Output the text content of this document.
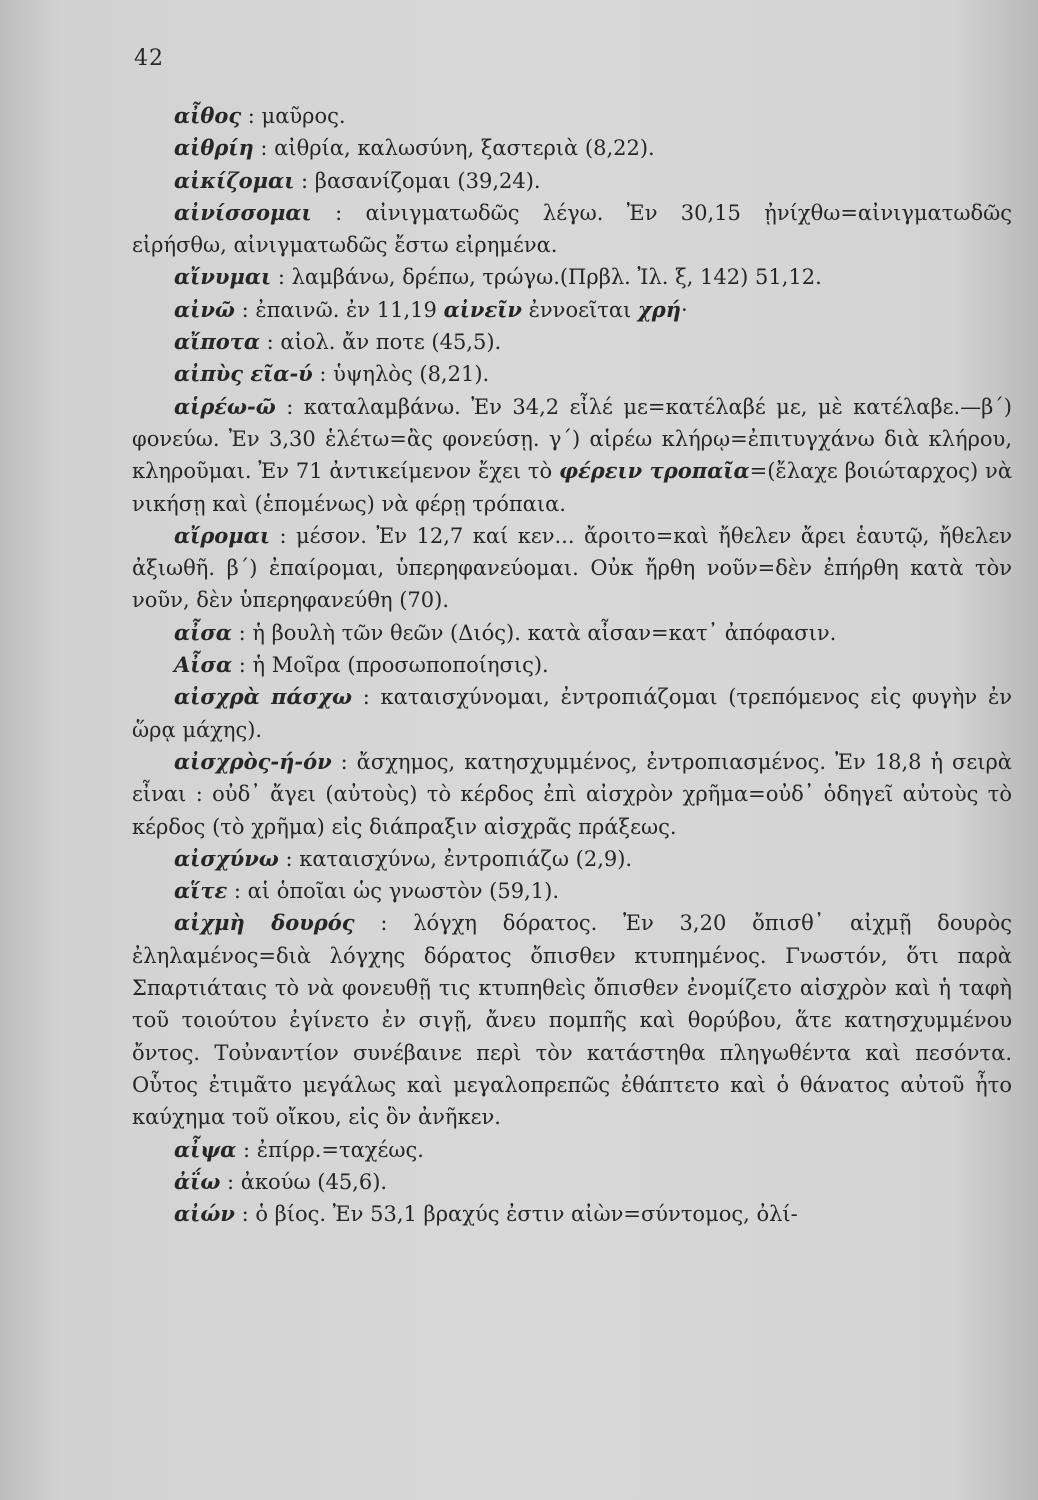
42
αἶθος : μαῦρος.
αἰθρίη : αἰθρία, καλωσύνη, ξαστεριὰ (8,22).
αἰκίζομαι : βασανίζομαι (39,24).
αἰνίσσομαι : αἰνιγματωδῶς λέγω. Ἐν 30,15 ᾐνίχθω=αἰνιγματωδῶς εἰρήσθω, αἰνιγματωδῶς ἔστω εἰρημένα.
αἴνυμαι : λαμβάνω, δρέπω, τρώγω.(Πρβλ. Ἰλ. ξ, 142) 51,12.
αἰνῶ : ἐπαινῶ. ἐν 11,19 αἰνεῖν ἐννοεῖται χρή·
αἴποτα : αἰολ. ἄν ποτε (45,5).
αἰπὺς εῖα-ύ : ὑψηλὸς (8,21).
αἱρέω-ῶ : καταλαμβάνω. Ἐν 34,2 εἶλέ με=κατέλαβέ με, μὲ κατέλαβε.—β΄) φονεύω. Ἐν 3,30 ἑλέτω=ἂς φονεύσῃ. γ΄) αἱρέω κλήρῳ=ἐπιτυγχάνω διὰ κλήρου, κληροῦμαι. Ἐν 71 ἀντικείμενον ἔχει τὸ φέρειν τροπαῖα=(ἔλαχε βοιώταρχος) νὰ νικήσῃ καὶ (ἑπομένως) νὰ φέρῃ τρόπαια.
αἴρομαι : μέσον. Ἐν 12,7 καί κεν... ἄροιτο=καὶ ἤθελεν ἄρει ἑαυτῷ, ἤθελεν ἀξιωθῆ. β΄) ἐπαίρομαι, ὑπερηφανεύομαι. Οὐκ ἤρθη νοῦν=δὲν ἐπήρθη κατὰ τὸν νοῦν, δὲν ὑπερηφανεύθη (70).
αἶσα : ἡ βουλὴ τῶν θεῶν (Διός). κατὰ αἶσαν=κατ᾿ ἀπόφασιν.
Αἶσα : ἡ Μοῖρα (προσωποποίησις).
αἰσχρὰ πάσχω : καταισχύνομαι, ἐντροπιάζομαι (τρεπόμενος εἰς φυγὴν ἐν ὥρᾳ μάχης).
αἰσχρὸς-ή-όν : ἄσχημος, κατησχυμμένος, ἐντροπιασμένος. Ἐν 18,8 ἡ σειρὰ εἶναι : οὐδ᾿ ἄγει (αὐτοὺς) τὸ κέρδος ἐπὶ αἰσχρὸν χρῆμα=οὐδ᾿ ὁδηγεῖ αὐτοὺς τὸ κέρδος (τὸ χρῆμα) εἰς διάπραξιν αἰσχρᾶς πράξεως.
αἰσχύνω : καταισχύνω, ἐντροπιάζω (2,9).
αἵτε : αἱ ὁποῖαι ὡς γνωστὸν (59,1).
αἰχμὴ δουρός : λόγχη δόρατος. Ἐν 3,20 ὄπισθ᾿ αἰχμῇ δουρὸς ἐληλαμένος=διὰ λόγχης δόρατος ὄπισθεν κτυπημένος. Γνωστόν, ὅτι παρὰ Σπαρτιάταις τὸ νὰ φονευθῇ τις κτυπηθεὶς ὄπισθεν ἐνομίζετο αἰσχρὸν καὶ ἡ ταφὴ τοῦ τοιούτου ἐγίνετο ἐν σιγῇ, ἄνευ πομπῆς καὶ θορύβου, ἅτε κατησχυμμένου ὄντος. Τοὐναντίον συνέβαινε περὶ τὸν κατάστηθα πληγωθέντα καὶ πεσόντα. Οὗτος ἐτιμᾶτο μεγάλως καὶ μεγαλοπρεπῶς ἐθάπτετο καὶ ὁ θάνατος αὐτοῦ ἦτο καύχημα τοῦ οἴκου, εἰς ὃν ἀνῆκεν.
αἶψα : ἐπίρρ.=ταχέως.
ἀΐω : ἀκούω (45,6).
αἰών : ὁ βίος. Ἐν 53,1 βραχύς ἐστιν αἰὼν=σύντομος, ὀλί-
